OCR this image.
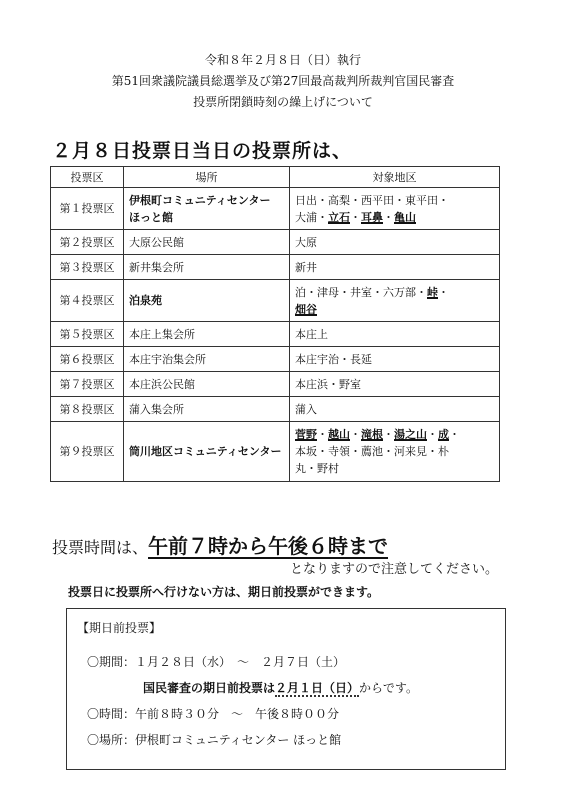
令和８年２月８日（日）執行
第51回衆議院議員総選挙及び第27回最高裁判所裁判官国民審査
投票所閉鎖時刻の繰上げについて
２月８日投票日当日の投票所は、
投票区	場所	対象地区
第１投票区	伊根町コミュニティセンター
ほっと館	日出・高梨・西平田・東平田・
大浦・立石・耳鼻・亀山
第２投票区	大原公民館	大原
第３投票区	新井集会所	新井
第４投票区	泊泉苑	泊・津母・井室・六万部・峠・
畑谷
第５投票区	本庄上集会所	本庄上
第６投票区	本庄宇治集会所	本庄宇治・長延
第７投票区	本庄浜公民館	本庄浜・野室
第８投票区	蒲入集会所	蒲入
第９投票区	筒川地区コミュニティセンター	菅野・越山・滝根・湯之山・成・
本坂・寺領・薦池・河来見・朴
丸・野村
投票時間は、午前７時から午後６時まで
となりますので注意してください。
投票日に投票所へ行けない方は、期日前投票ができます。
【期日前投票】
〇期間：１月２８日（水）　～　２月７日（土）
国民審査の期日前投票は２月１日（日）からです。
〇時間：午前８時３０分　～　午後８時００分
〇場所：伊根町コミュニティセンター ほっと館
